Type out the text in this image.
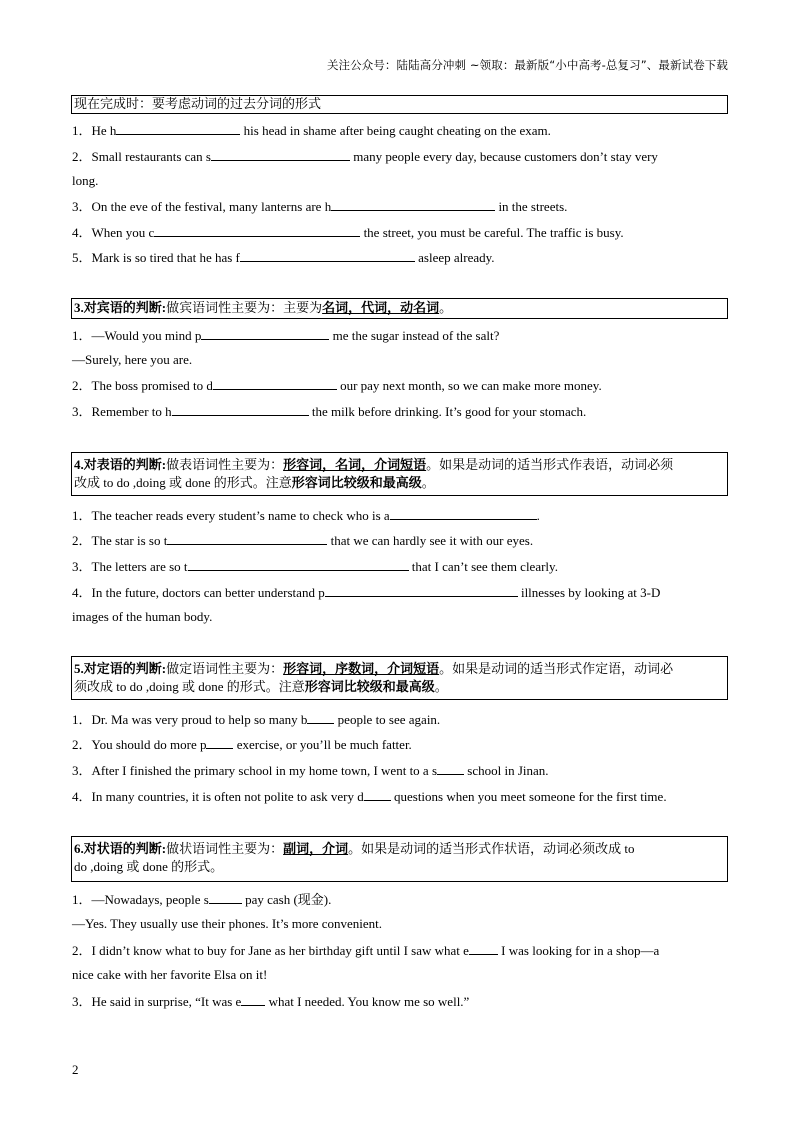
关注公众号：陆陆高分冲刺 ~领取：最新版“小中高考-总复习”、最新试卷下载
现在完成时：要考虑动词的过去分词的形式
1．He h	his head in shame after being caught cheating on the exam.
2．Small restaurants can s	many people every day, because customers don’t stay very
long.
3．On the eve of the festival, many lanterns are h	in the streets.
4．When you c	the street, you must be careful. The traffic is busy.
5．Mark is so tired that he has f	asleep already.
3.对宾语的判断:做宾语词性主要为：主要为名词，代词，动名词。
1．—Would you mind p	me the sugar instead of the salt?
—Surely, here you are.
2．The boss promised to d	our pay next month, so we can make more money.
3．Remember to h	the milk before drinking. It’s good for your stomach.
4.对表语的判断:做表语词性主要为：形容词，名词，介词短语。如果是动词的适当形式作表语，动词必须
改成 to do ,doing 或 done 的形式。注意形容词比较级和最高级。
1．The teacher reads every student’s name to check who is a	.
2．The star is so t	that we can hardly see it with our eyes.
3．The letters are so t	that I can’t see them clearly.
4．In the future, doctors can better understand p	illnesses by looking at 3-D
images of the human body.
5.对定语的判断:做定语词性主要为：形容词，序数词，介词短语。如果是动词的适当形式作定语，动词必
须改成 to do ,doing 或 done 的形式。注意形容词比较级和最高级。
1．Dr. Ma was very proud to help so many b people to see again.
2．You should do more p exercise, or you’ll be much fatter.
3．After I finished the primary school in my home town, I went to a s school in Jinan.
4．In many countries, it is often not polite to ask very d questions when you meet someone for the first time.
6.对状语的判断:做状语词性主要为：副词，介词。如果是动词的适当形式作状语，动词必须改成 to
do ,doing 或 done 的形式。
1．—Nowadays, people s	pay cash (现金).
—Yes. They usually use their phones. It’s more convenient.
2．I didn’t know what to buy for Jane as her birthday gift until I saw what e I was looking for in a shop—a
nice cake with her favorite Elsa on it!
3．He said in surprise, “It was e what I needed. You know me so well.”
2
